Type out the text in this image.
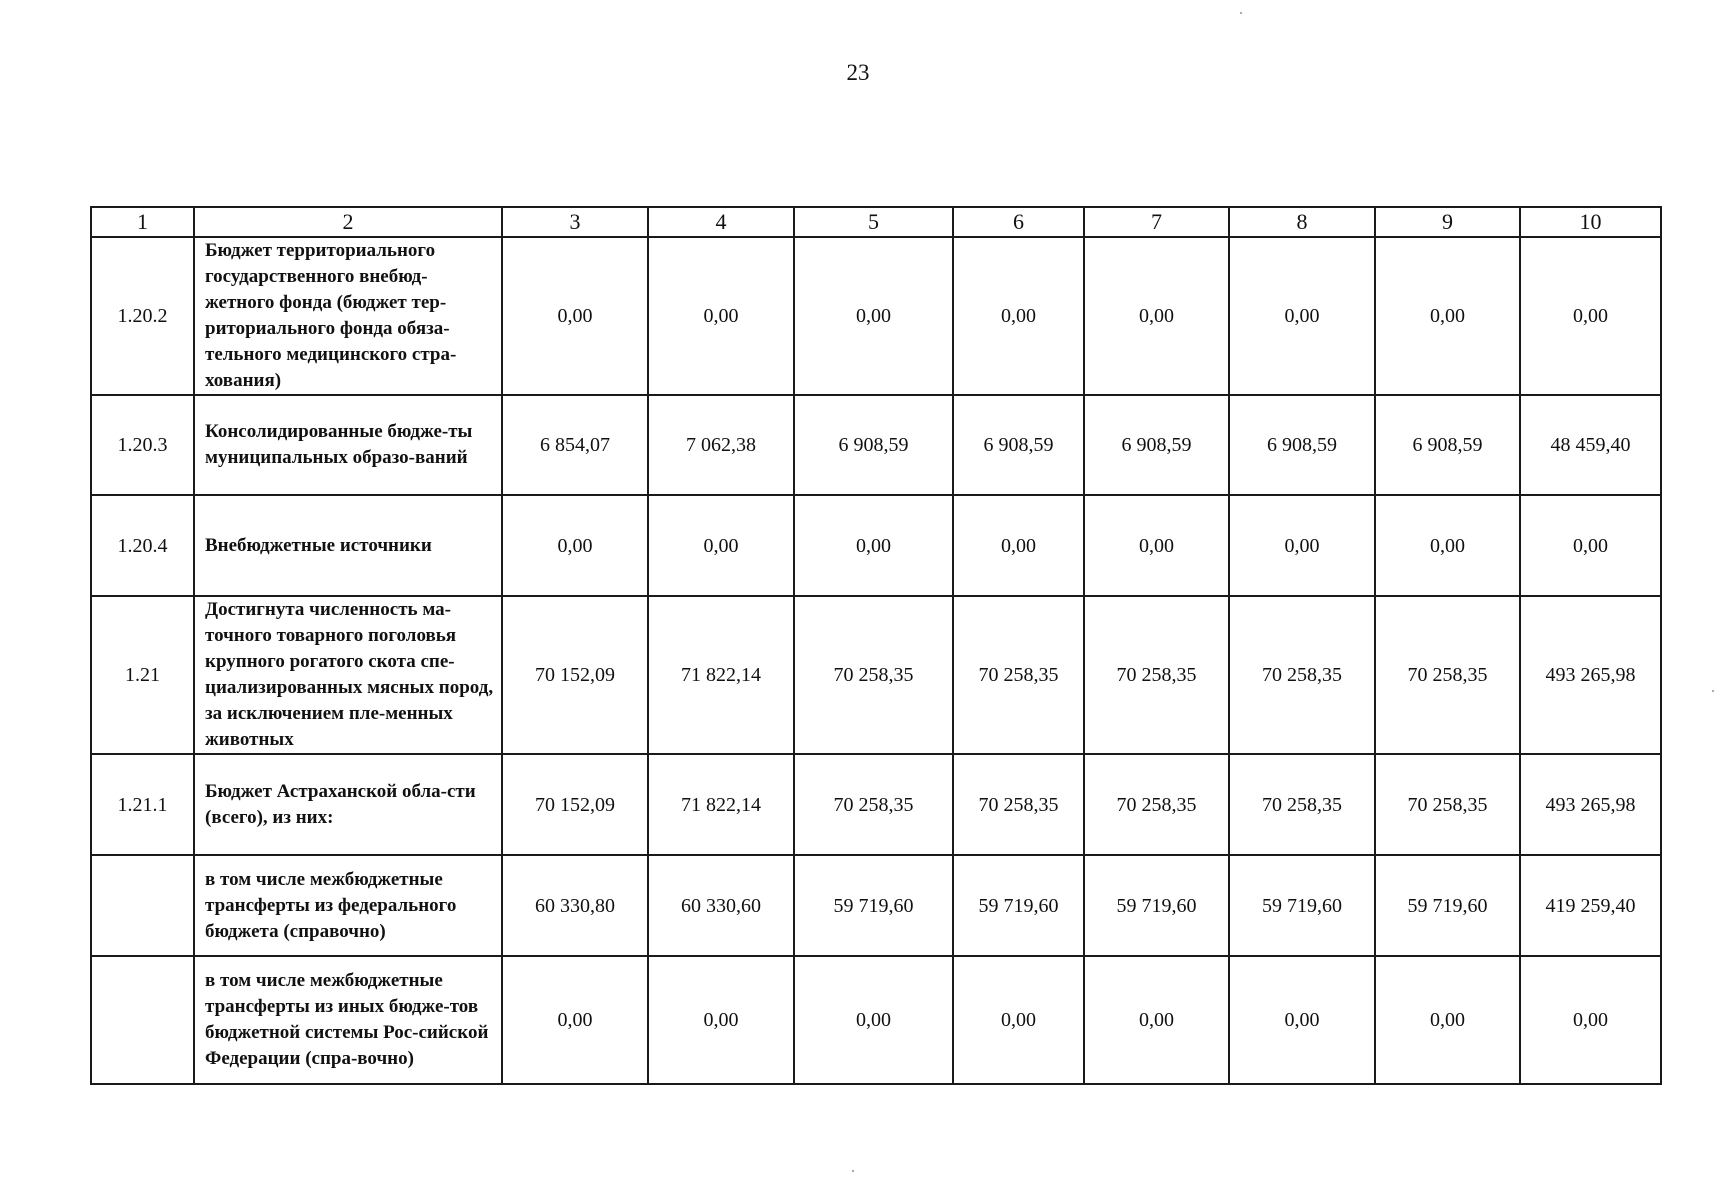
23
1	2	3	4	5	6	7	8	9	10
1.20.2	Бюджет территориального государственного внебюд-жетного фонда (бюджет тер-риториального фонда обяза-тельного медицинского стра-хования)	0,00	0,00	0,00	0,00	0,00	0,00	0,00	0,00
1.20.3	Консолидированные бюдже-ты муниципальных образо-ваний	6 854,07	7 062,38	6 908,59	6 908,59	6 908,59	6 908,59	6 908,59	48 459,40
1.20.4	Внебюджетные источники	0,00	0,00	0,00	0,00	0,00	0,00	0,00	0,00
1.21	Достигнута численность ма-точного товарного поголовья крупного рогатого скота спе-циализированных мясных пород, за исключением пле-менных животных	70 152,09	71 822,14	70 258,35	70 258,35	70 258,35	70 258,35	70 258,35	493 265,98
1.21.1	Бюджет Астраханской обла-сти (всего), из них:	70 152,09	71 822,14	70 258,35	70 258,35	70 258,35	70 258,35	70 258,35	493 265,98
	в том числе межбюджетные трансферты из федерального бюджета (справочно)	60 330,80	60 330,60	59 719,60	59 719,60	59 719,60	59 719,60	59 719,60	419 259,40
	в том числе межбюджетные трансферты из иных бюдже-тов бюджетной системы Рос-сийской Федерации (спра-вочно)	0,00	0,00	0,00	0,00	0,00	0,00	0,00	0,00
